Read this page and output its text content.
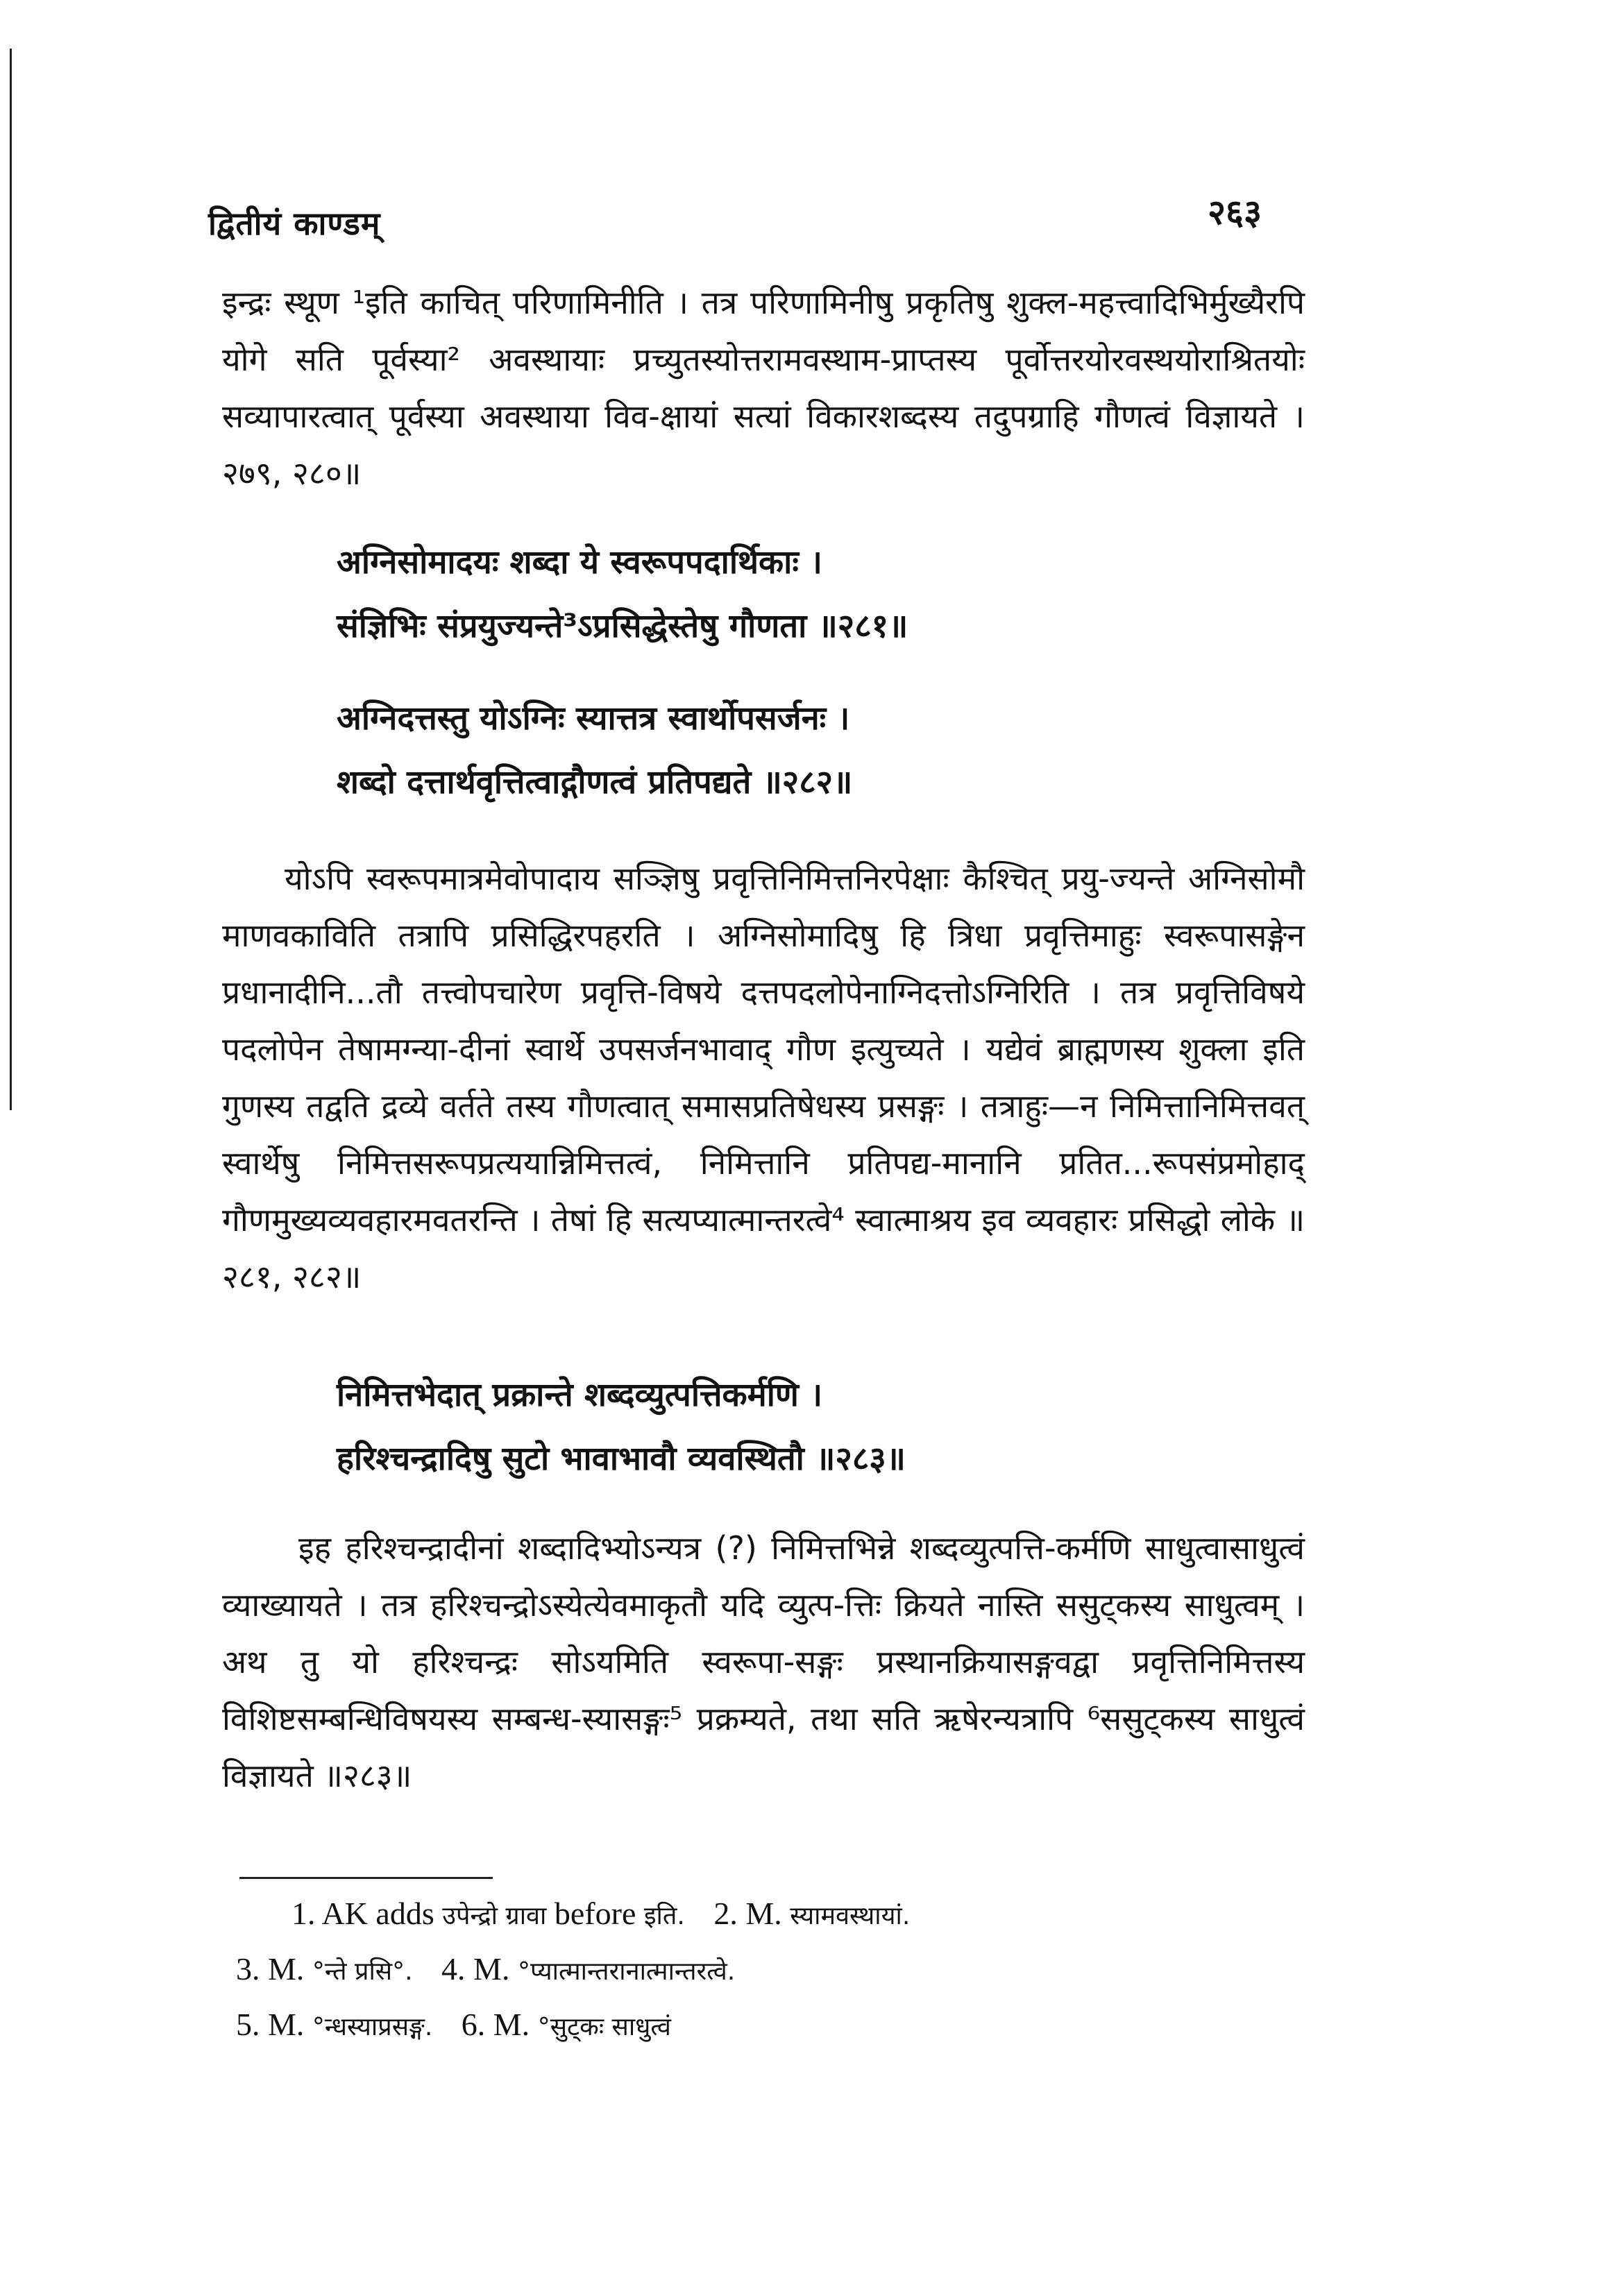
द्वितीयं काण्डम्	२६३

इन्द्रः स्थूण ¹इति काचित् परिणामिनीति । तत्र परिणामिनीषु प्रकृतिषु शुक्ल-महत्त्वादिभिर्मुख्यैरपि योगे सति पूर्वस्या² अवस्थायाः प्रच्युतस्योत्तरामवस्थाम-प्राप्तस्य पूर्वोत्तरयोरवस्थयोराश्रितयोः सव्यापारत्वात् पूर्वस्या अवस्थाया विव-क्षायां सत्यां विकारशब्दस्य तदुपग्राहि गौणत्वं विज्ञायते । २७९, २८०॥

अग्निसोमादयः शब्दा ये स्वरूपपदार्थिकाः ।
संज्ञिभिः संप्रयुज्यन्ते³ऽप्रसिद्धेस्तेषु गौणता ॥२८१॥
अग्निदत्तस्तु योऽग्निः स्यात्तत्र स्वार्थोपसर्जनः ।
शब्दो दत्तार्थवृत्तित्वाद्गौणत्वं प्रतिपद्यते ॥२८२॥

योऽपि स्वरूपमात्रमेवोपादाय सञ्ज्ञिषु प्रवृत्तिनिमित्तनिरपेक्षाः कैश्चित् प्रयु-ज्यन्ते अग्निसोमौ माणवकाविति तत्रापि प्रसिद्धिरपहरति । अग्निसोमादिषु हि त्रिधा प्रवृत्तिमाहुः स्वरूपासङ्गेन प्रधानादीनि...तौ तत्त्वोपचारेण प्रवृत्ति-विषये दत्तपदलोपेनाग्निदत्तोऽग्निरिति । तत्र प्रवृत्तिविषये पदलोपेन तेषामग्न्या-दीनां स्वार्थे उपसर्जनभावाद् गौण इत्युच्यते । यद्येवं ब्राह्मणस्य शुक्ला इति गुणस्य तद्वति द्रव्ये वर्तते तस्य गौणत्वात् समासप्रतिषेधस्य प्रसङ्गः । तत्राहुः—न निमित्तानिमित्तवत् स्वार्थेषु निमित्तसरूपप्रत्ययान्निमित्तत्वं, निमित्तानि प्रतिपद्य-मानानि प्रतित...रूपसंप्रमोहाद् गौणमुख्यव्यवहारमवतरन्ति । तेषां हि सत्यप्यात्मान्तरत्वे⁴ स्वात्माश्रय इव व्यवहारः प्रसिद्धो लोके ॥२८१, २८२॥

निमित्तभेदात् प्रक्रान्ते शब्दव्युत्पत्तिकर्मणि ।
हरिश्चन्द्रादिषु सुटो भावाभावौ व्यवस्थितौ ॥२८३॥

इह हरिश्चन्द्रादीनां शब्दादिभ्योऽन्यत्र (?) निमित्तभिन्ने शब्दव्युत्पत्ति-कर्मणि साधुत्वासाधुत्वं व्याख्यायते । तत्र हरिश्चन्द्रोऽस्येत्येवमाकृतौ यदि व्युत्प-त्तिः क्रियते नास्ति ससुट्कस्य साधुत्वम् । अथ तु यो हरिश्चन्द्रः सोऽयमिति स्वरूपा-सङ्गः प्रस्थानक्रियासङ्गवद्वा प्रवृत्तिनिमित्तस्य विशिष्टसम्बन्धिविषयस्य सम्बन्ध-स्यासङ्गः⁵ प्रक्रम्यते, तथा सति ऋषेरन्यत्रापि ⁶ससुट्कस्य साधुत्वं विज्ञायते ॥२८३॥

1. AK adds उपेन्द्रो ग्रावा before इति. 2. M. स्यामवस्थायां.
3. M. °न्ते प्रसि°. 4. M. °प्यात्मान्तरानात्मान्तरत्वे.
5. M. °न्धस्याप्रसङ्ग. 6. M. °सुट्कः साधुत्वं
